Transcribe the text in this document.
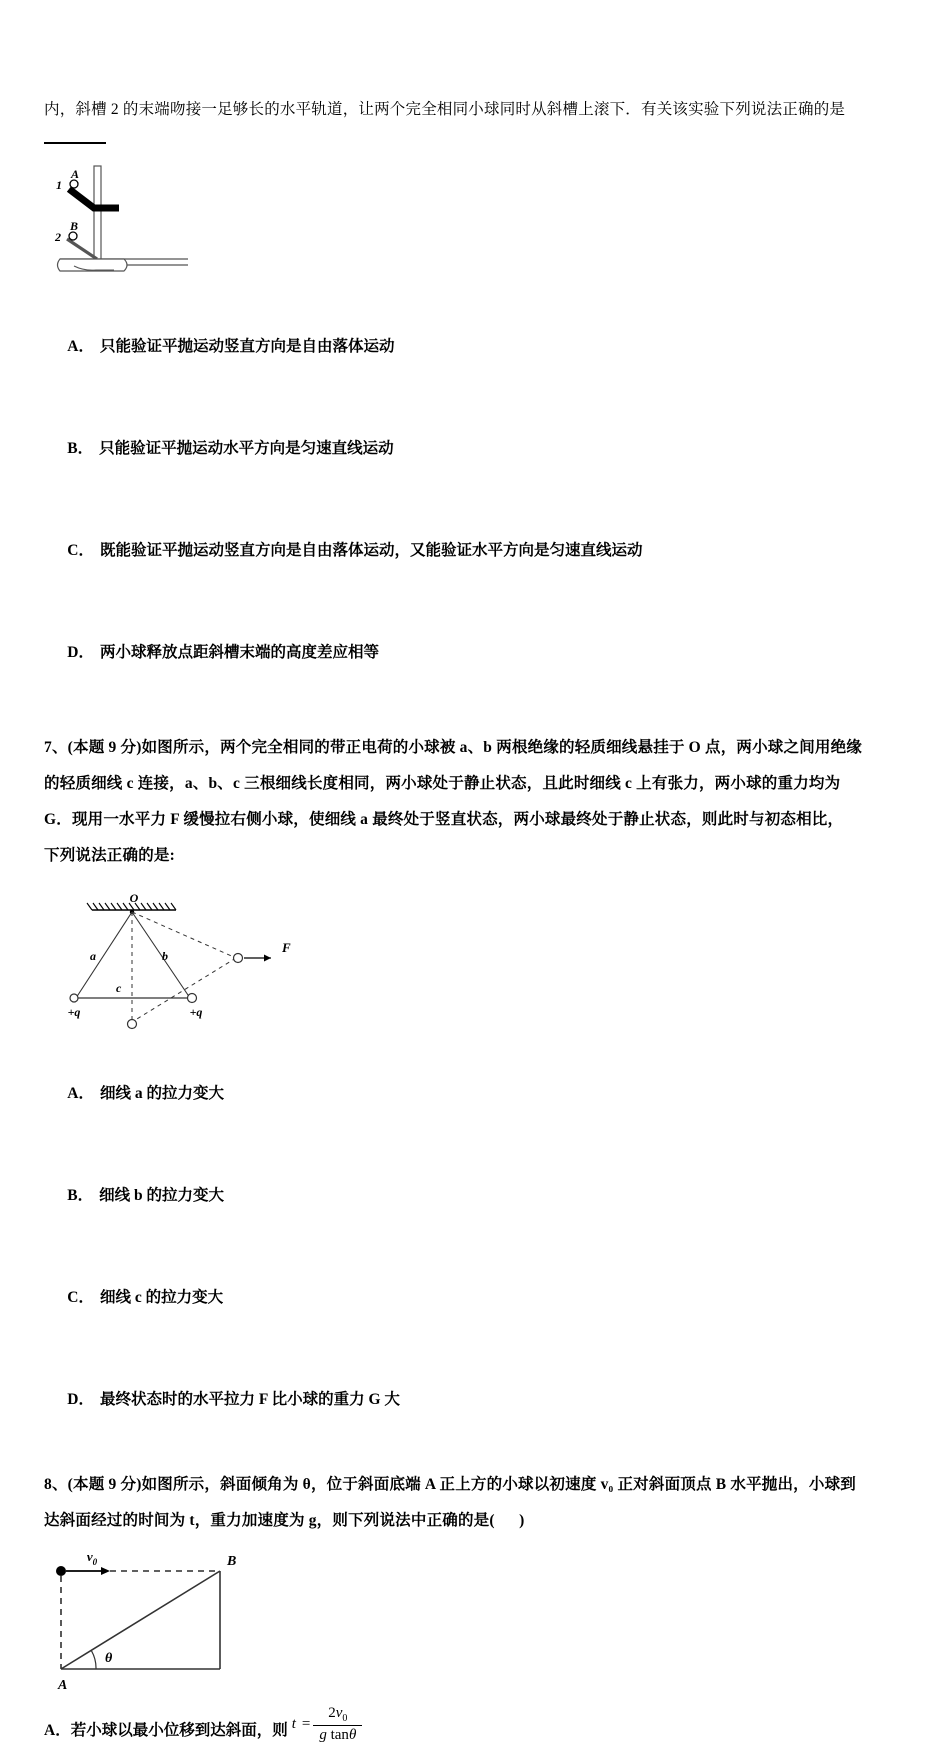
内，斜槽 2 的末端吻接一足够长的水平轨道，让两个完全相同小球同时从斜槽上滚下．有关该实验下列说法正确的是
A
1
B
2

A． 只能验证平抛运动竖直方向是自由落体运动

B． 只能验证平抛运动水平方向是匀速直线运动

C． 既能验证平抛运动竖直方向是自由落体运动，又能验证水平方向是匀速直线运动

D． 两小球释放点距斜槽末端的高度差应相等

7、(本题 9 分)如图所示，两个完全相同的带正电荷的小球被 a、b 两根绝缘的轻质细线悬挂于 O 点，两小球之间用绝缘
的轻质细线 c 连接，a、b、c 三根细线长度相同，两小球处于静止状态，且此时细线 c 上有张力，两小球的重力均为
G．现用一水平力 F 缓慢拉右侧小球，使细线 a 最终处于竖直状态，两小球最终处于静止状态，则此时与初态相比，
下列说法正确的是:
O
a	b
c
+q	+q
F

A． 细线 a 的拉力变大

B． 细线 b 的拉力变大

C． 细线 c 的拉力变大

D． 最终状态时的水平拉力 F 比小球的重力 G 大

8、(本题 9 分)如图所示，斜面倾角为 θ，位于斜面底端 A 正上方的小球以初速度 v₀ 正对斜面顶点 B 水平抛出，小球到
达斜面经过的时间为 t，重力加速度为 g，则下列说法中正确的是(      )
$v_0$
θ
B
A
A． 若小球以最小位移到达斜面，则 $t = \frac{2v_0}{\text{g tanθ}}$
